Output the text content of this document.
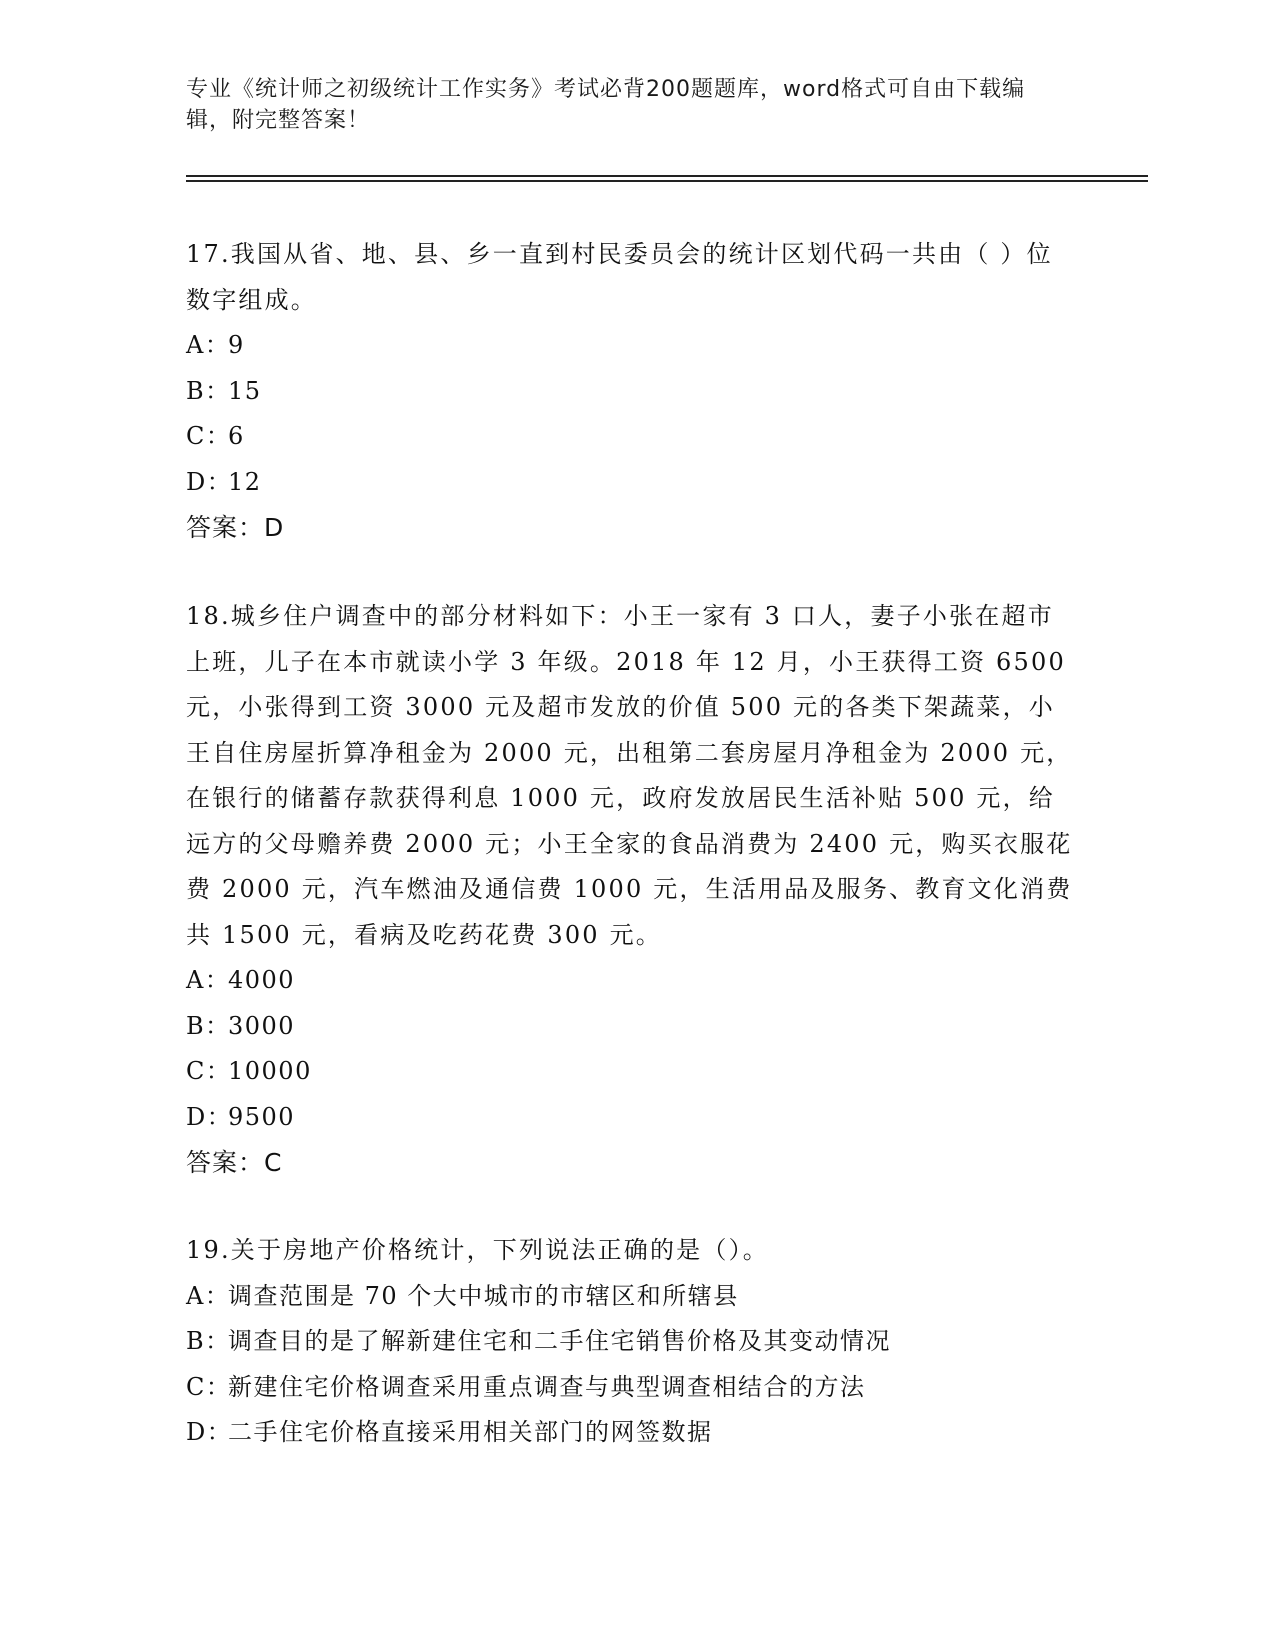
专业《统计师之初级统计工作实务》考试必背200题题库，word格式可自由下载编辑，附完整答案！

17.我国从省、地、县、乡一直到村民委员会的统计区划代码一共由（ ）位数字组成。

A：9
B：15
C：6
D：12
答案：D

18.城乡住户调查中的部分材料如下：小王一家有 3 口人，妻子小张在超市上班，儿子在本市就读小学 3 年级。2018 年 12 月，小王获得工资 6500 元，小张得到工资 3000 元及超市发放的价值 500 元的各类下架蔬菜，小王自住房屋折算净租金为 2000 元，出租第二套房屋月净租金为 2000 元，在银行的储蓄存款获得利息 1000 元，政府发放居民生活补贴 500 元，给远方的父母赡养费 2000 元；小王全家的食品消费为 2400 元，购买衣服花费 2000 元，汽车燃油及通信费 1000 元，生活用品及服务、教育文化消费共 1500 元，看病及吃药花费 300 元。

A：4000
B：3000
C：10000
D：9500
答案：C

19.关于房地产价格统计，下列说法正确的是（）。

A：调查范围是 70 个大中城市的市辖区和所辖县
B：调查目的是了解新建住宅和二手住宅销售价格及其变动情况
C：新建住宅价格调查采用重点调查与典型调查相结合的方法
D：二手住宅价格直接采用相关部门的网签数据
